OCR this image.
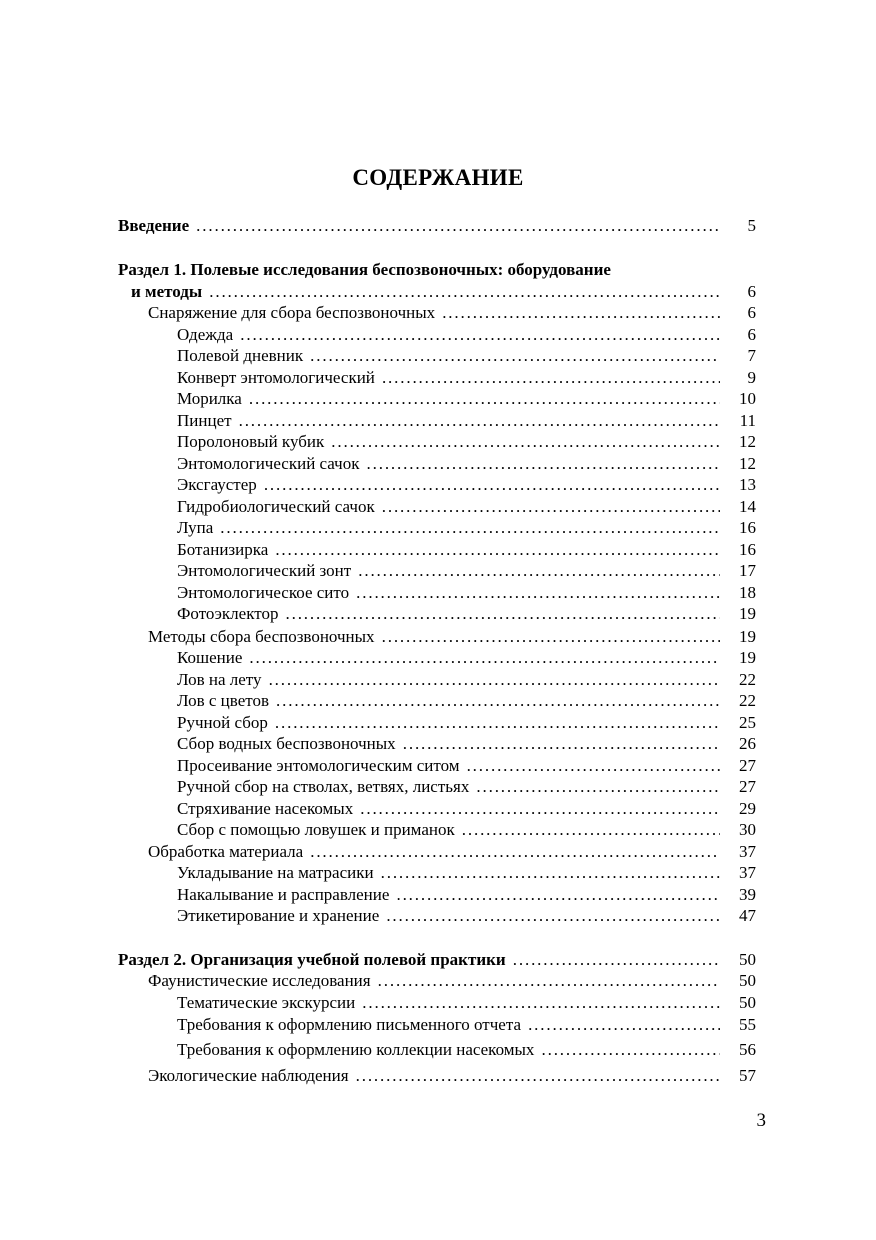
СОДЕРЖАНИЕ
Введение . . .	5
Раздел 1. Полевые исследования беспозвоночных: оборудование
и методы . . .	6
Снаряжение для сбора беспозвоночных . . .	6
Одежда . . .	6
Полевой дневник . . .	7
Конверт энтомологический . . .	9
Морилка . . .	10
Пинцет . . .	11
Поролоновый кубик . . .	12
Энтомологический сачок . . .	12
Эксгаустер . . .	13
Гидробиологический сачок . . .	14
Лупа . . .	16
Ботанизирка . . .	16
Энтомологический зонт . . .	17
Энтомологическое сито . . .	18
Фотоэклектор . . .	19
Методы сбора беспозвоночных . . .	19
Кошение . . .	19
Лов на лету . . .	22
Лов с цветов . . .	22
Ручной сбор . . .	25
Сбор водных беспозвоночных . . .	26
Просеивание энтомологическим ситом . . .	27
Ручной сбор на стволах, ветвях, листьях . . .	27
Стряхивание насекомых . . .	29
Сбор с помощью ловушек и приманок . . .	30
Обработка материала . . .	37
Укладывание на матрасики . . .	37
Накалывание и расправление . . .	39
Этикетирование и хранение . . .	47
Раздел 2. Организация учебной полевой практики . . .	50
Фаунистические исследования . . .	50
Тематические экскурсии . . .	50
Требования к оформлению письменного отчета . . .	55
Требования к оформлению коллекции насекомых . . .	56
Экологические наблюдения . . .	57
3
